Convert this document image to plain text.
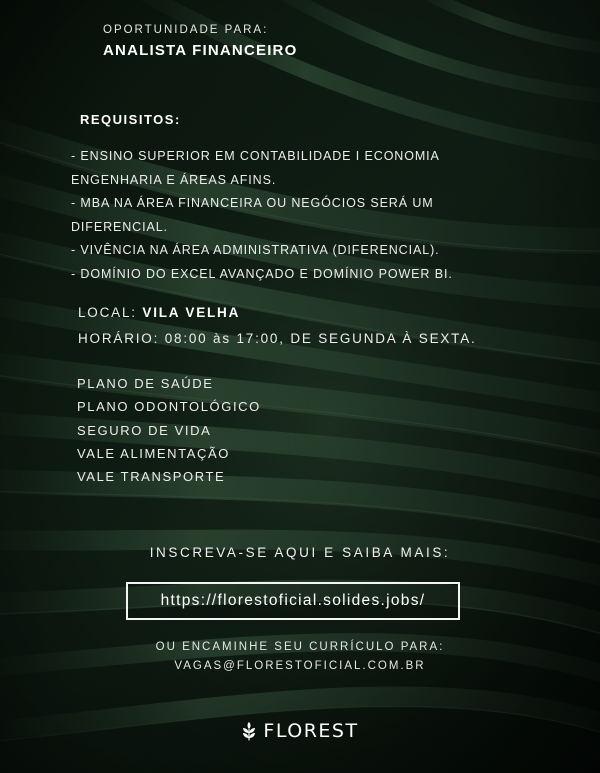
OPORTUNIDADE PARA:
ANALISTA FINANCEIRO
REQUISITOS:
- ENSINO SUPERIOR EM CONTABILIDADE I ECONOMIA
ENGENHARIA E ÁREAS AFINS.
- MBA NA ÁREA FINANCEIRA OU NEGÓCIOS SERÁ UM
DIFERENCIAL.
- VIVÊNCIA NA ÁREA ADMINISTRATIVA (DIFERENCIAL).
- DOMÍNIO DO EXCEL AVANÇADO E DOMÍNIO POWER BI.
LOCAL: VILA VELHA
HORÁRIO: 08:00 às 17:00, DE SEGUNDA À SEXTA.
PLANO DE SAÚDE
PLANO ODONTOLÓGICO
SEGURO DE VIDA
VALE ALIMENTAÇÃO
VALE TRANSPORTE
INSCREVA-SE AQUI E SAIBA MAIS:
https://florestoficial.solides.jobs/
OU ENCAMINHE SEU CURRÍCULO PARA:
VAGAS@FLORESTOFICIAL.COM.BR
FLOREST
